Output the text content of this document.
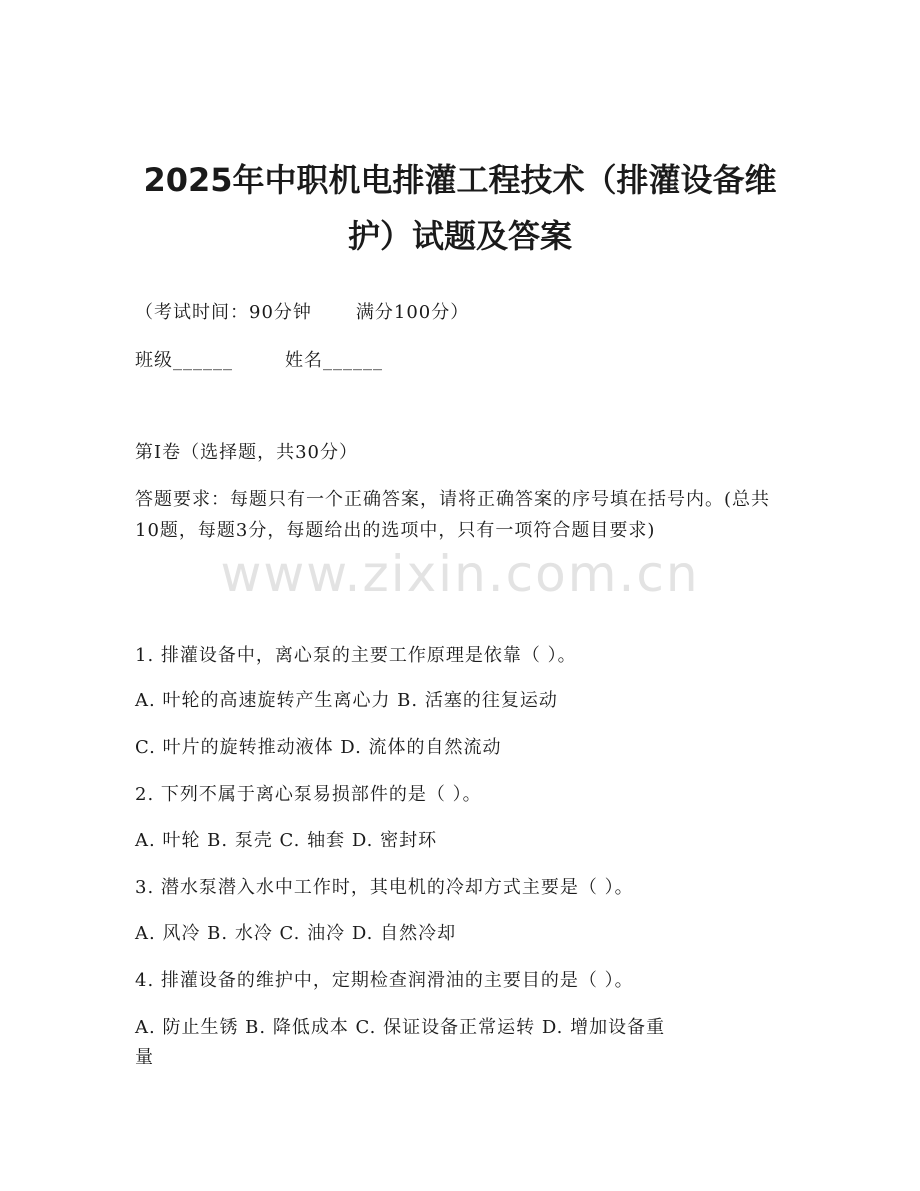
2025年中职机电排灌工程技术（排灌设备维
护）试题及答案
（考试时间：90分钟 满分100分）
班级______	姓名______
第I卷（选择题，共30分）
答题要求：每题只有一个正确答案，请将正确答案的序号填在括号内。(总共10题，每题3分，每题给出的选项中，只有一项符合题目要求)
www.zixin.com.cn
1. 排灌设备中，离心泵的主要工作原理是依靠（ ）。
A. 叶轮的高速旋转产生离心力 B. 活塞的往复运动
C. 叶片的旋转推动液体 D. 流体的自然流动
2. 下列不属于离心泵易损部件的是（ ）。
A. 叶轮 B. 泵壳 C. 轴套 D. 密封环
3. 潜水泵潜入水中工作时，其电机的冷却方式主要是（ ）。
A. 风冷 B. 水冷 C. 油冷 D. 自然冷却
4. 排灌设备的维护中，定期检查润滑油的主要目的是（ ）。
A. 防止生锈 B. 降低成本 C. 保证设备正常运转 D. 增加设备重
量
